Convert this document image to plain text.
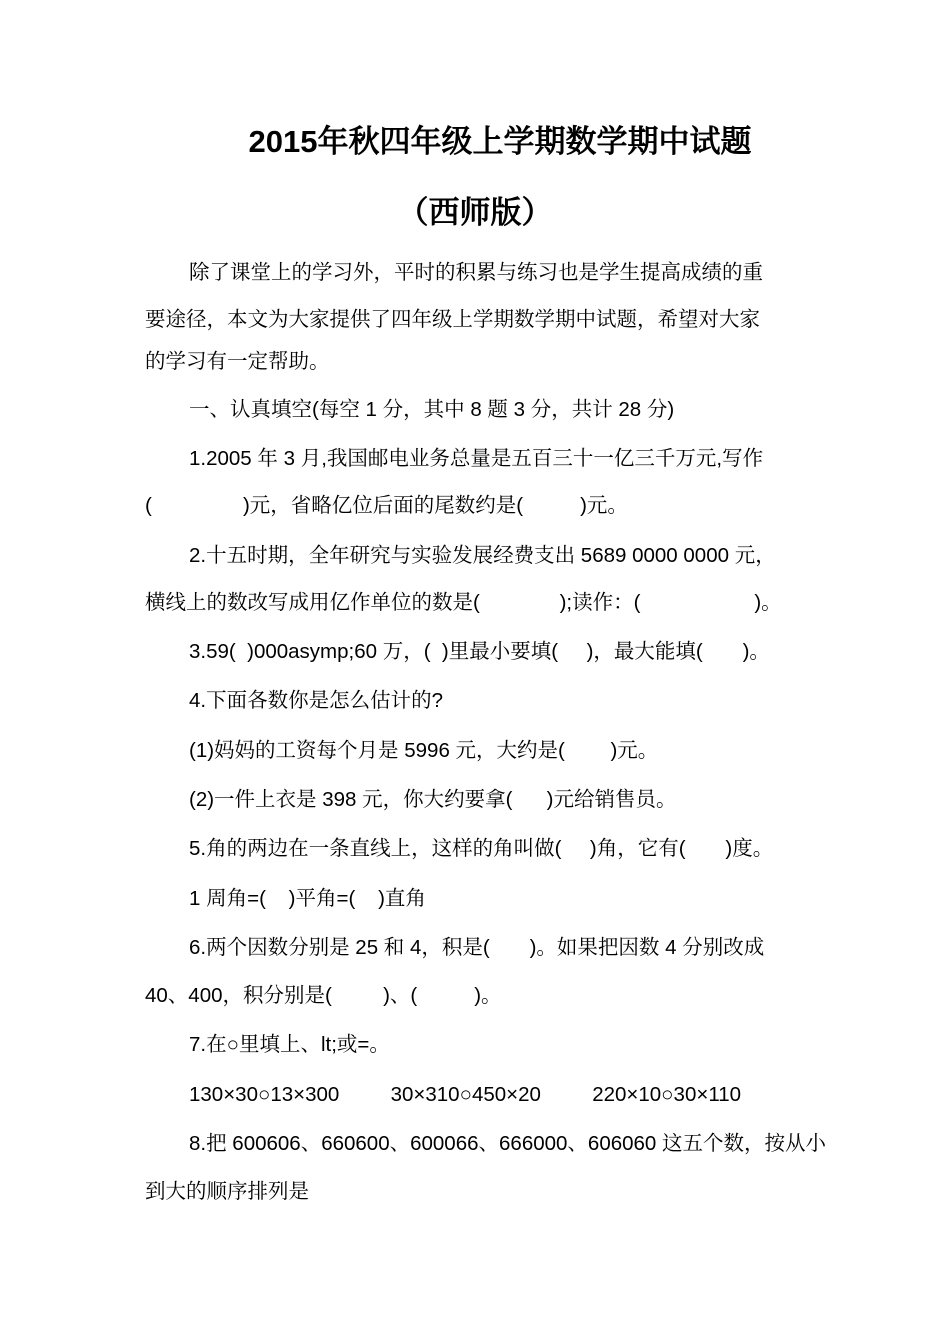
2015年秋四年级上学期数学期中试题
（西师版）
除了课堂上的学习外，平时的积累与练习也是学生提高成绩的重
要途径，本文为大家提供了四年级上学期数学期中试题，希望对大家
的学习有一定帮助。
一、认真填空(每空 1 分，其中 8 题 3 分，共计 28 分)
1.2005 年 3 月,我国邮电业务总量是五百三十一亿三千万元,写作
(                )元，省略亿位后面的尾数约是(          )元。
2.十五时期，全年研究与实验发展经费支出 5689 0000 0000 元，
横线上的数改写成用亿作单位的数是(              );读作：(                    )。
3.59(  )000asymp;60 万，(  )里最小要填(     )，最大能填(       )。
4.下面各数你是怎么估计的?
(1)妈妈的工资每个月是 5996 元，大约是(        )元。
(2)一件上衣是 398 元，你大约要拿(      )元给销售员。
5.角的两边在一条直线上，这样的角叫做(     )角，它有(       )度。
1 周角=(    )平角=(    )直角
6.两个因数分别是 25 和 4，积是(       )。如果把因数 4 分别改成
40、400，积分别是(         )、(          )。
7.在○里填上、lt;或=。
130×30○13×300         30×310○450×20         220×10○30×110
8.把 600606、660600、600066、666000、606060 这五个数，按从小
到大的顺序排列是
